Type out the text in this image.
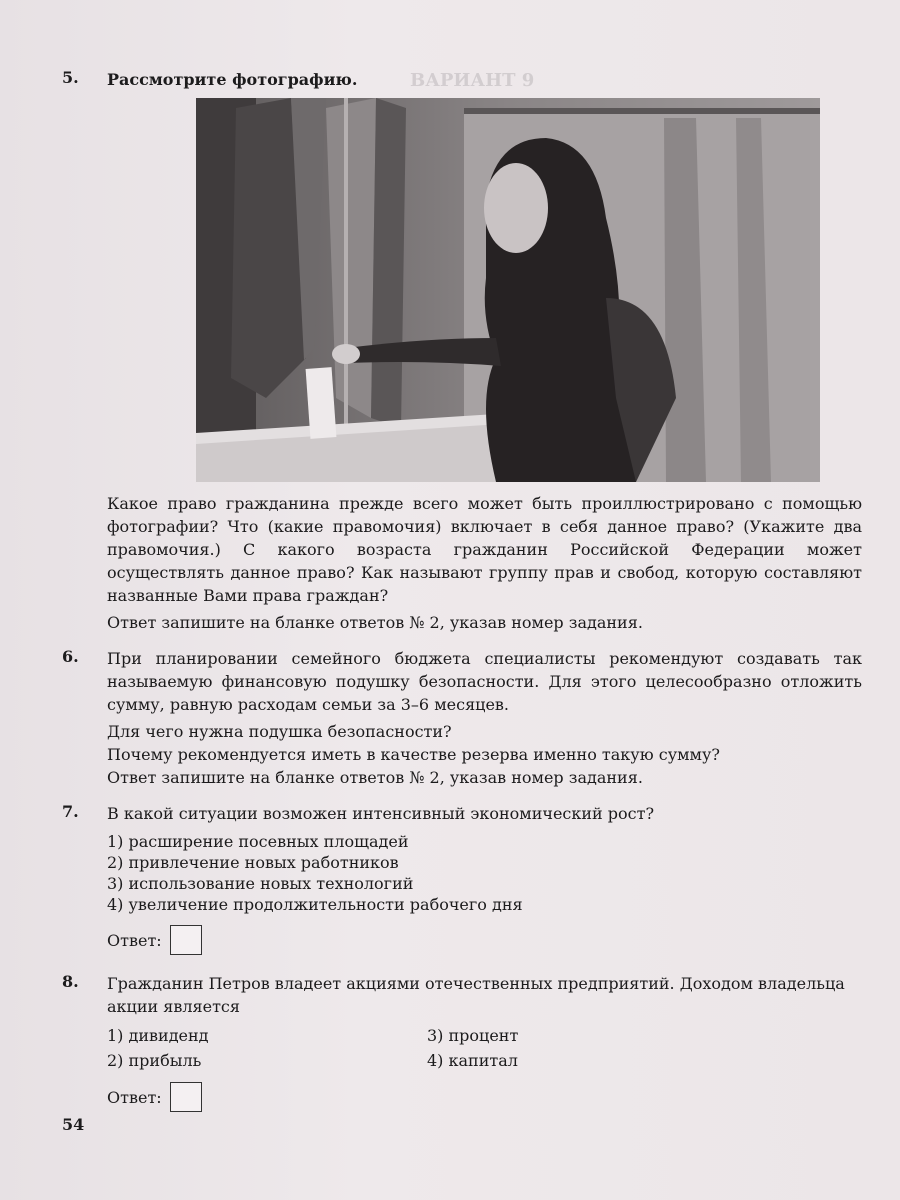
ВАРИАНТ 9
5. Рассмотрите фотографию.

Какое право гражданина прежде всего может быть проиллюстрировано с помощью фотографии? Что (какие правомочия) включает в себя данное право? (Укажите два правомочия.) С какого возраста гражданин Российской Федерации может осуществлять данное право? Как называют группу прав и свобод, которую составляют названные Вами права граждан?

Ответ запишите на бланке ответов № 2, указав номер задания.

6. При планировании семейного бюджета специалисты рекомендуют создавать так называемую финансовую подушку безопасности. Для этого целесообразно отложить сумму, равную расходам семьи за 3–6 месяцев.

Для чего нужна подушка безопасности?

Почему рекомендуется иметь в качестве резерва именно такую сумму?

Ответ запишите на бланке ответов № 2, указав номер задания.

7. В какой ситуации возможен интенсивный экономический рост?

1) расширение посевных площадей
2) привлечение новых работников
3) использование новых технологий
4) увеличение продолжительности рабочего дня
Ответ:
8. Гражданин Петров владеет акциями отечественных предприятий. Доходом владельца акции является

1) дивиденд	3) процент
2) прибыль	4) капитал
Ответ:
54
